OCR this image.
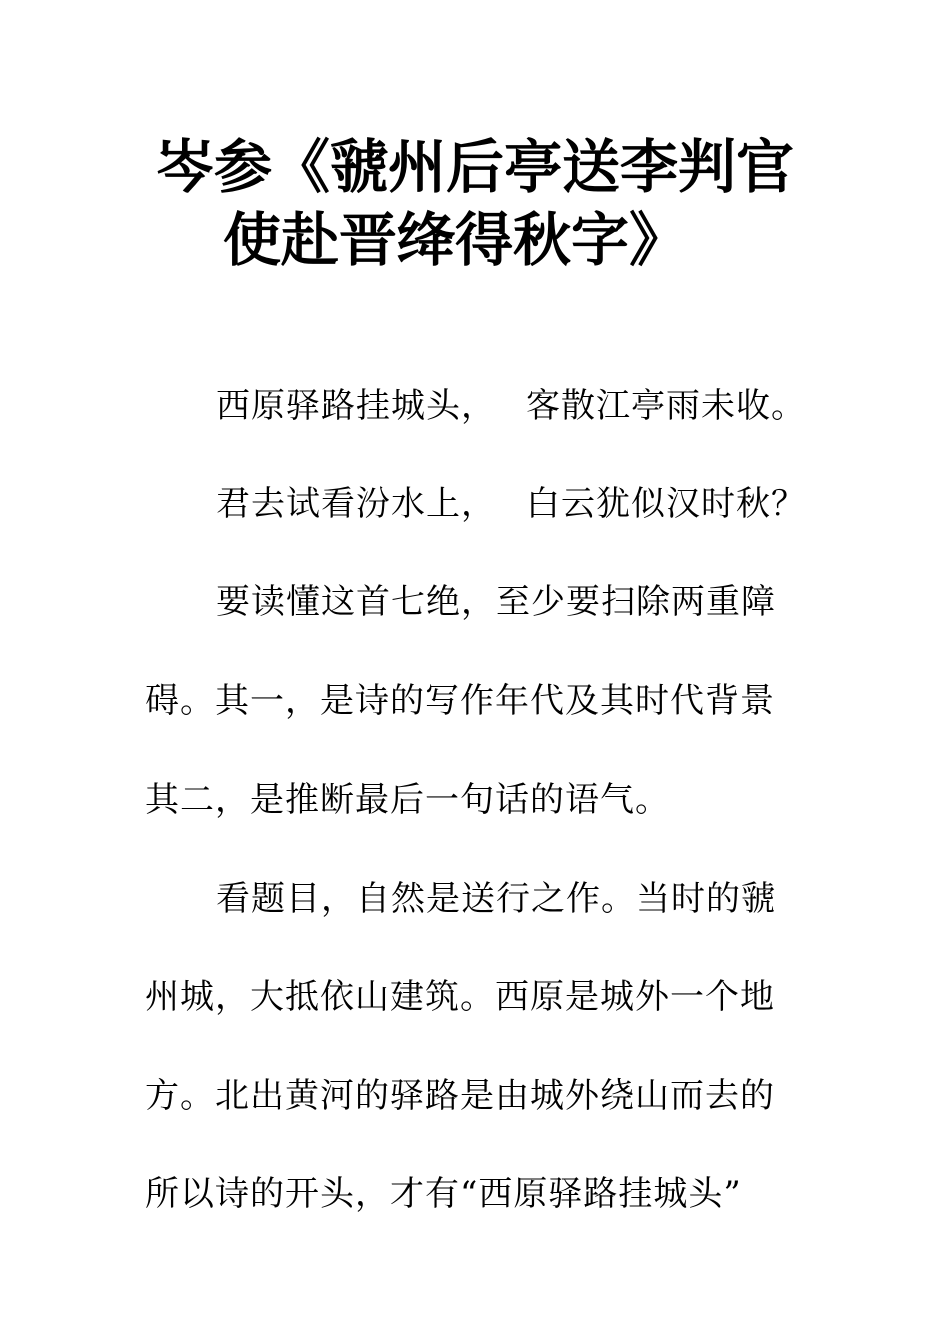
岑参《虢州后亭送李判官
使赴晋绛得秋字》
西原驿路挂城头， 客散江亭雨未收。
君去试看汾水上， 白云犹似汉时秋？
要读懂这首七绝，至少要扫除两重障
碍。其一，是诗的写作年代及其时代背景
其二，是推断最后一句话的语气。
看题目，自然是送行之作。当时的虢
州城，大抵依山建筑。西原是城外一个地
方。北出黄河的驿路是由城外绕山而去的
所以诗的开头，才有“西原驿路挂城头”
